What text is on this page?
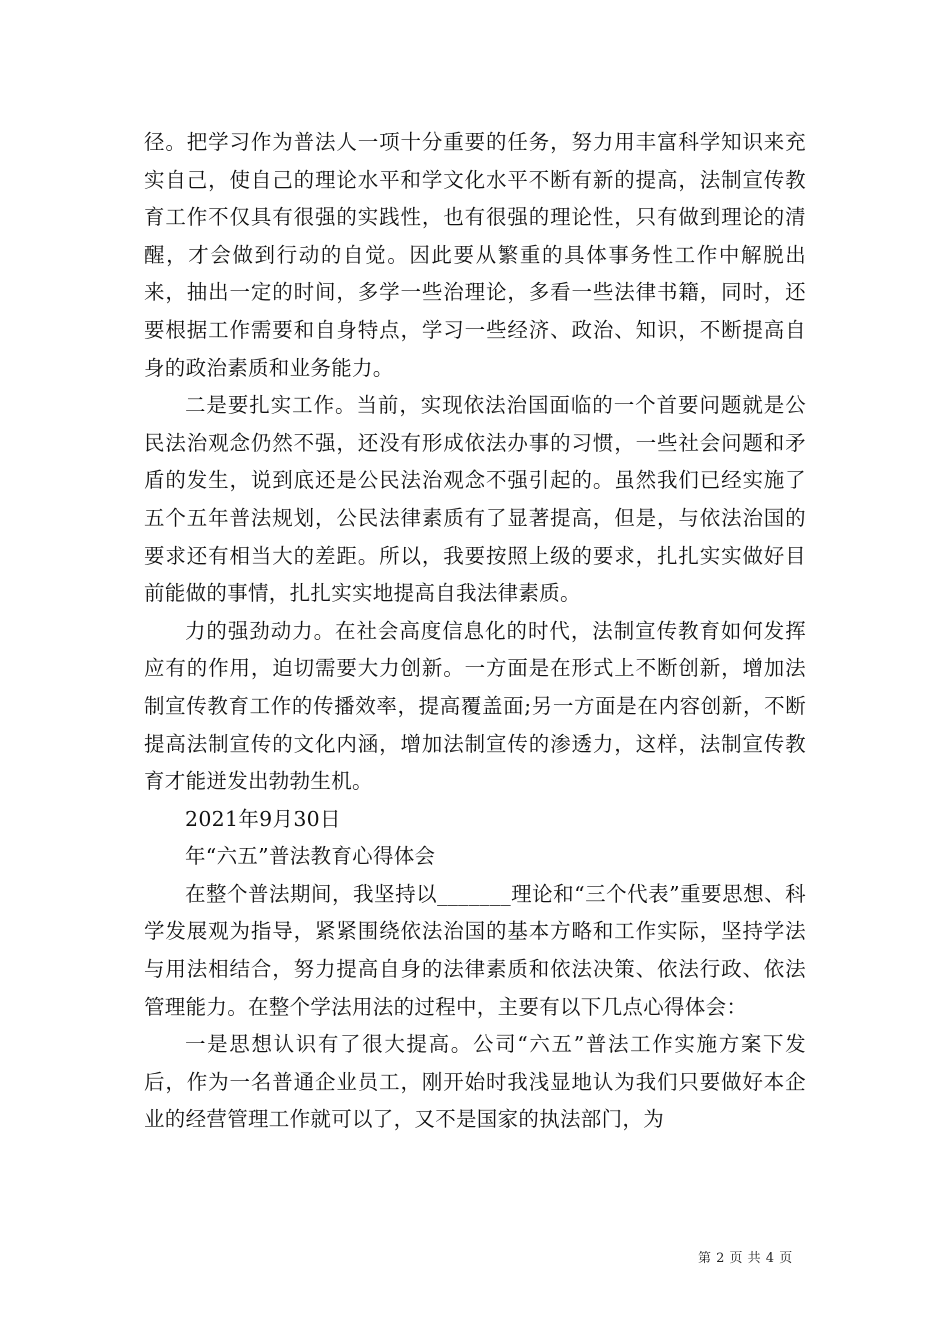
径。把学习作为普法人一项十分重要的任务，努力用丰富科学知识来充实自己，使自己的理论水平和学文化水平不断有新的提高，法制宣传教育工作不仅具有很强的实践性，也有很强的理论性，只有做到理论的清醒，才会做到行动的自觉。因此要从繁重的具体事务性工作中解脱出来，抽出一定的时间，多学一些治理论，多看一些法律书籍，同时，还要根据工作需要和自身特点，学习一些经济、政治、知识，不断提高自身的政治素质和业务能力。

二是要扎实工作。当前，实现依法治国面临的一个首要问题就是公民法治观念仍然不强，还没有形成依法办事的习惯，一些社会问题和矛盾的发生，说到底还是公民法治观念不强引起的。虽然我们已经实施了五个五年普法规划，公民法律素质有了显著提高，但是，与依法治国的要求还有相当大的差距。所以，我要按照上级的要求，扎扎实实做好目前能做的事情，扎扎实实地提高自我法律素质。

力的强劲动力。在社会高度信息化的时代，法制宣传教育如何发挥应有的作用，迫切需要大力创新。一方面是在形式上不断创新，增加法制宣传教育工作的传播效率，提高覆盖面;另一方面是在内容创新，不断提高法制宣传的文化内涵，增加法制宣传的渗透力，这样，法制宣传教育才能迸发出勃勃生机。

2021年9月30日

年“六五”普法教育心得体会

在整个普法期间，我坚持以_______理论和“三个代表”重要思想、科学发展观为指导，紧紧围绕依法治国的基本方略和工作实际，坚持学法与用法相结合，努力提高自身的法律素质和依法决策、依法行政、依法管理能力。在整个学法用法的过程中，主要有以下几点心得体会：

一是思想认识有了很大提高。公司“六五”普法工作实施方案下发后，作为一名普通企业员工，刚开始时我浅显地认为我们只要做好本企业的经营管理工作就可以了，又不是国家的执法部门，为

第 2 页 共 4 页
